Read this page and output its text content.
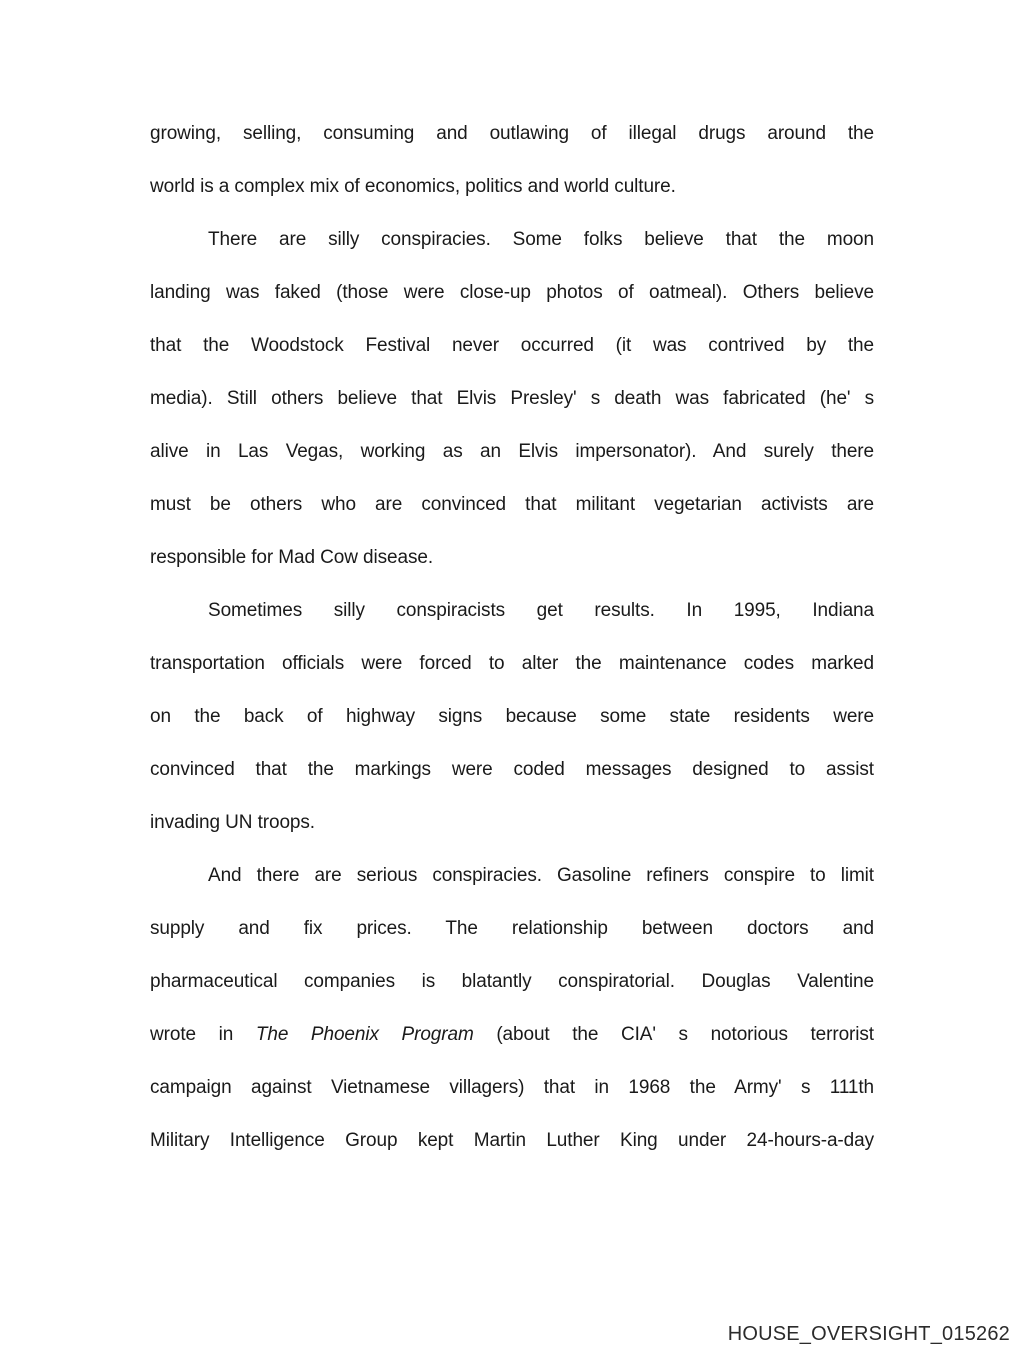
growing, selling, consuming and outlawing of illegal drugs around the
world is a complex mix of economics, politics and world culture.
There are silly conspiracies. Some folks believe that the moon
landing was faked (those were close-up photos of oatmeal). Others believe
that the Woodstock Festival never occurred (it was contrived by the
media). Still others believe that Elvis Presley' s death was fabricated (he' s
alive in Las Vegas, working as an Elvis impersonator). And surely there
must be others who are convinced that militant vegetarian activists are
responsible for Mad Cow disease.
Sometimes silly conspiracists get results. In 1995, Indiana
transportation officials were forced to alter the maintenance codes marked
on the back of highway signs because some state residents were
convinced that the markings were coded messages designed to assist
invading UN troops.
And there are serious conspiracies. Gasoline refiners conspire to limit
supply and fix prices. The relationship between doctors and
pharmaceutical companies is blatantly conspiratorial. Douglas Valentine
wrote in The Phoenix Program (about the CIA' s notorious terrorist
campaign against Vietnamese villagers) that in 1968 the Army' s 111th
Military Intelligence Group kept Martin Luther King under 24-hours-a-day
HOUSE_OVERSIGHT_015262
